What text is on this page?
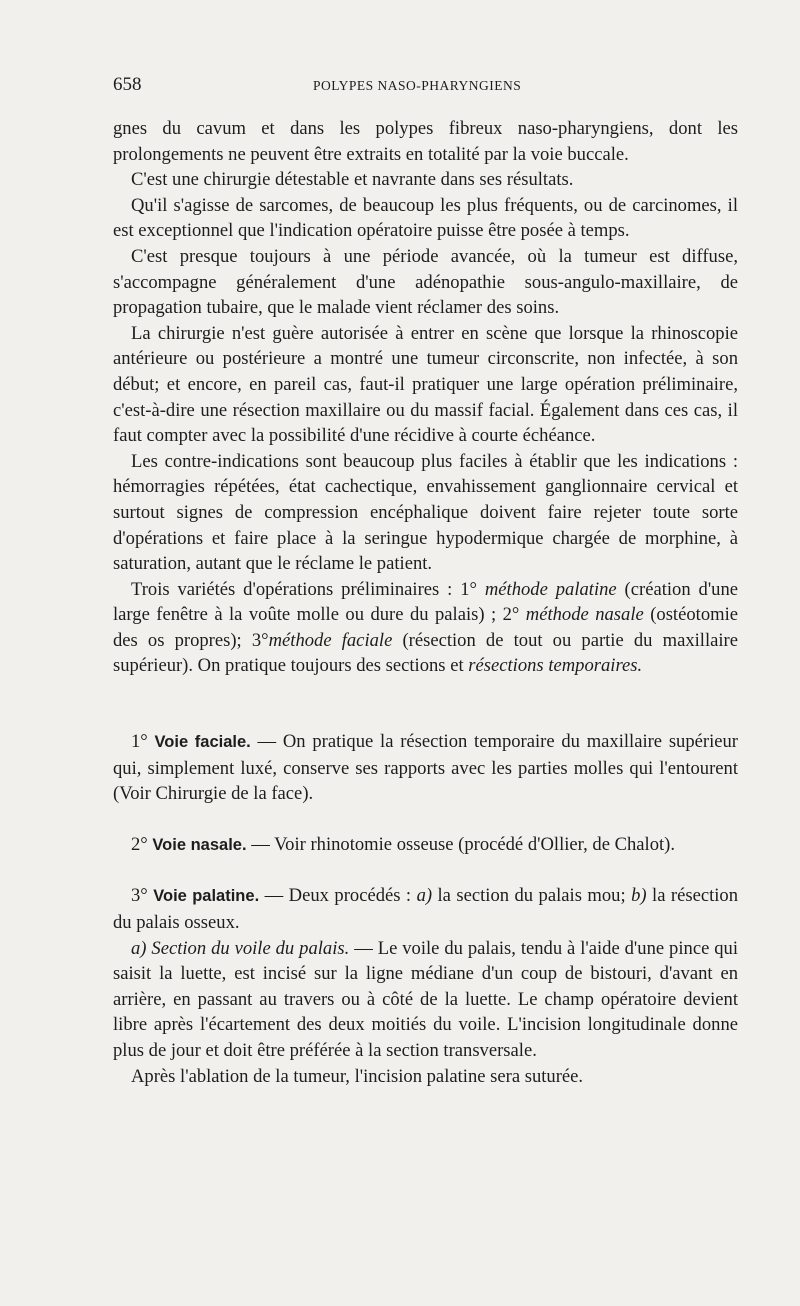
658	POLYPES NASO-PHARYNGIENS

gnes du cavum et dans les polypes fibreux naso-pharyngiens, dont les prolongements ne peuvent être extraits en totalité par la voie buccale.

C'est une chirurgie détestable et navrante dans ses résultats.

Qu'il s'agisse de sarcomes, de beaucoup les plus fréquents, ou de carcinomes, il est exceptionnel que l'indication opératoire puisse être posée à temps.

C'est presque toujours à une période avancée, où la tumeur est diffuse, s'accompagne généralement d'une adénopathie sous-angulo-maxillaire, de propagation tubaire, que le malade vient réclamer des soins.

La chirurgie n'est guère autorisée à entrer en scène que lorsque la rhinoscopie antérieure ou postérieure a montré une tumeur circonscrite, non infectée, à son début; et encore, en pareil cas, faut-il pratiquer une large opération préliminaire, c'est-à-dire une résection maxillaire ou du massif facial. Également dans ces cas, il faut compter avec la possibilité d'une récidive à courte échéance.

Les contre-indications sont beaucoup plus faciles à établir que les indications : hémorragies répétées, état cachectique, envahissement ganglionnaire cervical et surtout signes de compression encéphalique doivent faire rejeter toute sorte d'opérations et faire place à la seringue hypodermique chargée de morphine, à saturation, autant que le réclame le patient.

Trois variétés d'opérations préliminaires : 1° méthode palatine (création d'une large fenêtre à la voûte molle ou dure du palais) ; 2° méthode nasale (ostéotomie des os propres); 3°méthode faciale (résection de tout ou partie du maxillaire supérieur). On pratique toujours des sections et résections temporaires.

1° Voie faciale. — On pratique la résection temporaire du maxillaire supérieur qui, simplement luxé, conserve ses rapports avec les parties molles qui l'entourent (Voir Chirurgie de la face).

2° Voie nasale. — Voir rhinotomie osseuse (procédé d'Ollier, de Chalot).

3° Voie palatine. — Deux procédés : a) la section du palais mou; b) la résection du palais osseux.

a) Section du voile du palais. — Le voile du palais, tendu à l'aide d'une pince qui saisit la luette, est incisé sur la ligne médiane d'un coup de bistouri, d'avant en arrière, en passant au travers ou à côté de la luette. Le champ opératoire devient libre après l'écartement des deux moitiés du voile. L'incision longitudinale donne plus de jour et doit être préférée à la section transversale.

Après l'ablation de la tumeur, l'incision palatine sera suturée.
